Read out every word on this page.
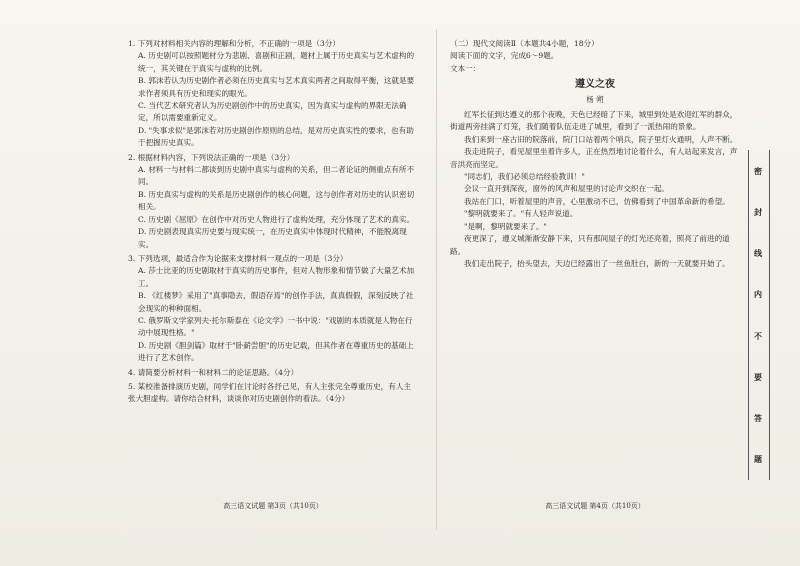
1. 下列对材料相关内容的理解和分析，不正确的一项是（3分）
A. 历史剧可以按照题材分为悲剧、喜剧和正剧，题材上属于历史真实与艺术虚构的统一，其关键在于真实与虚构的比例。
B. 郭沫若认为历史剧作者必须在历史真实与艺术真实两者之间取得平衡，这就是要求作者须具有历史和现实的眼光。
C. 当代艺术研究者认为历史剧创作中的历史真实，因为真实与虚构的界限无法确定，所以需要重新定义。
D. "失事求似"是郭沫若对历史剧创作原则的总结，是对历史真实性的要求，也有助于把握历史真实。
2. 根据材料内容，下列说法正确的一项是（3分）
A. 材料一与材料二都谈到历史剧中真实与虚构的关系，但二者论证的侧重点有所不同。
B. 历史真实与虚构的关系是历史剧创作的核心问题，这与创作者对历史的认识密切相关。
C. 历史剧《屈原》在创作中对历史人物进行了虚构处理，充分体现了艺术的真实。
D. 历史剧表现真实历史要与现实统一，在历史真实中体现时代精神，不能脱离现实。
3. 下列选项，最适合作为论据来支撑材料一观点的一项是（3分）
A. 莎士比亚的历史剧取材于真实的历史事件，但对人物形象和情节做了大量艺术加工。
B. 《红楼梦》采用了"真事隐去，假语存焉"的创作手法，真真假假，深刻反映了社会现实的种种面相。
C. 俄罗斯文学家列夫·托尔斯泰在《论文学》一书中说："戏剧的本质就是人物在行动中展现性格。"
D. 历史剧《胆剑篇》取材于"卧薪尝胆"的历史记载，但其作者在尊重历史的基础上进行了艺术创作。
4. 请简要分析材料一和材料二的论证思路。（4分）
5. 某校准备排演历史剧，同学们在讨论时各抒己见，有人主张完全尊重历史，有人主张大胆虚构。请你结合材料，谈谈你对历史剧创作的看法。（4分）
高三语文试题 第3页（共10页）
（二）现代文阅读Ⅱ（本题共4小题，18分）
阅读下面的文字，完成6～9题。
文本一：
遵义之夜
杨 朔
红军长征到达遵义的那个夜晚，天色已经暗了下来，城里到处是欢迎红军的群众，街道两旁挂满了灯笼，我们随着队伍走进了城里，看到了一派热闹的景象。
我们来到一座古旧的院落前，院门口站着两个哨兵，院子里灯火通明，人声不断。
我走进院子，看见屋里坐着许多人，正在热烈地讨论着什么，有人站起来发言，声音洪亮而坚定。
"同志们，我们必须总结经验教训！"
会议一直开到深夜，窗外的风声和屋里的讨论声交织在一起。
我站在门口，听着屋里的声音，心里激动不已，仿佛看到了中国革命新的希望。
"黎明就要来了。"有人轻声说道。
"是啊，黎明就要来了。"
夜更深了，遵义城渐渐安静下来，只有那间屋子的灯光还亮着，照亮了前进的道路。
我们走出院子，抬头望去，天边已经露出了一丝鱼肚白，新的一天就要开始了。
高三语文试题 第4页（共10页）
密
封
线
内
不
要
答
题
